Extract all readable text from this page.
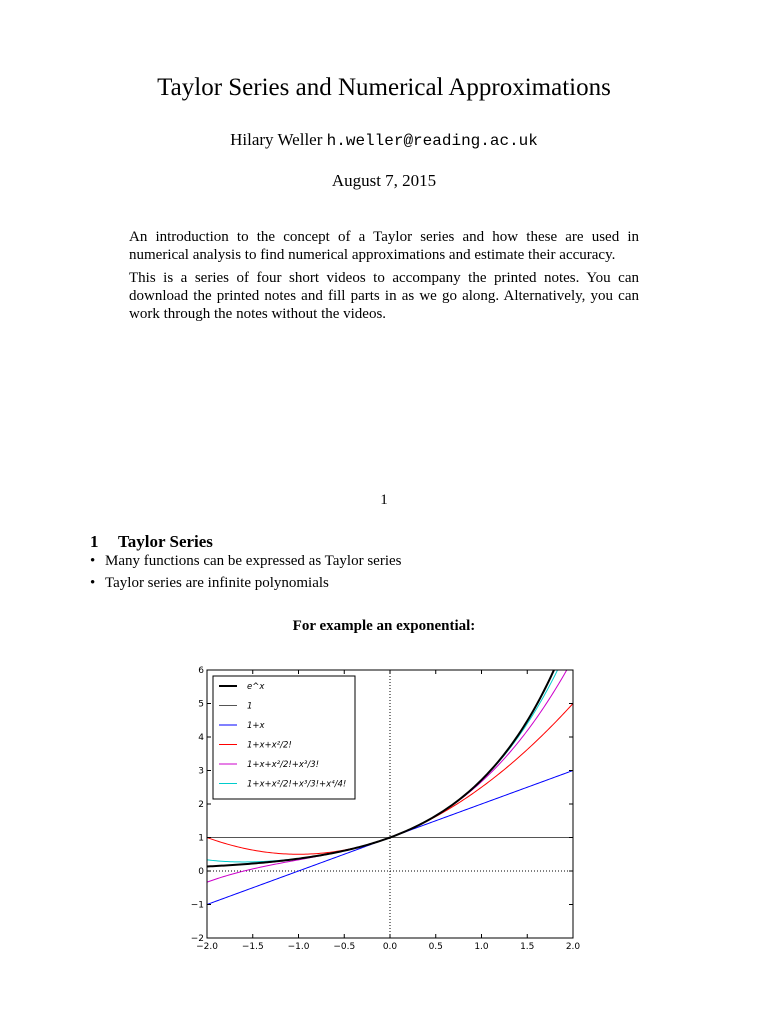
Taylor Series and Numerical Approximations
Hilary Weller h.weller@reading.ac.uk
August 7, 2015
An introduction to the concept of a Taylor series and how these are used in numerical analysis to find numerical approximations and estimate their accuracy.
This is a series of four short videos to accompany the printed notes. You can download the printed notes and fill parts in as we go along. Alternatively, you can work through the notes without the videos.
1
1 Taylor Series
• Many functions can be expressed as Taylor series
• Taylor series are infinite polynomials
For example an exponential:
−2.0	−1.5	−1.0	−0.5	0.0	0.5	1.0	1.5	2.0
−2
−1
0
1
2
3
4
5
6
e^x
1
1+x
1+x+x²/2!
1+x+x²/2!+x³/3!
1+x+x²/2!+x³/3!+x⁴/4!
